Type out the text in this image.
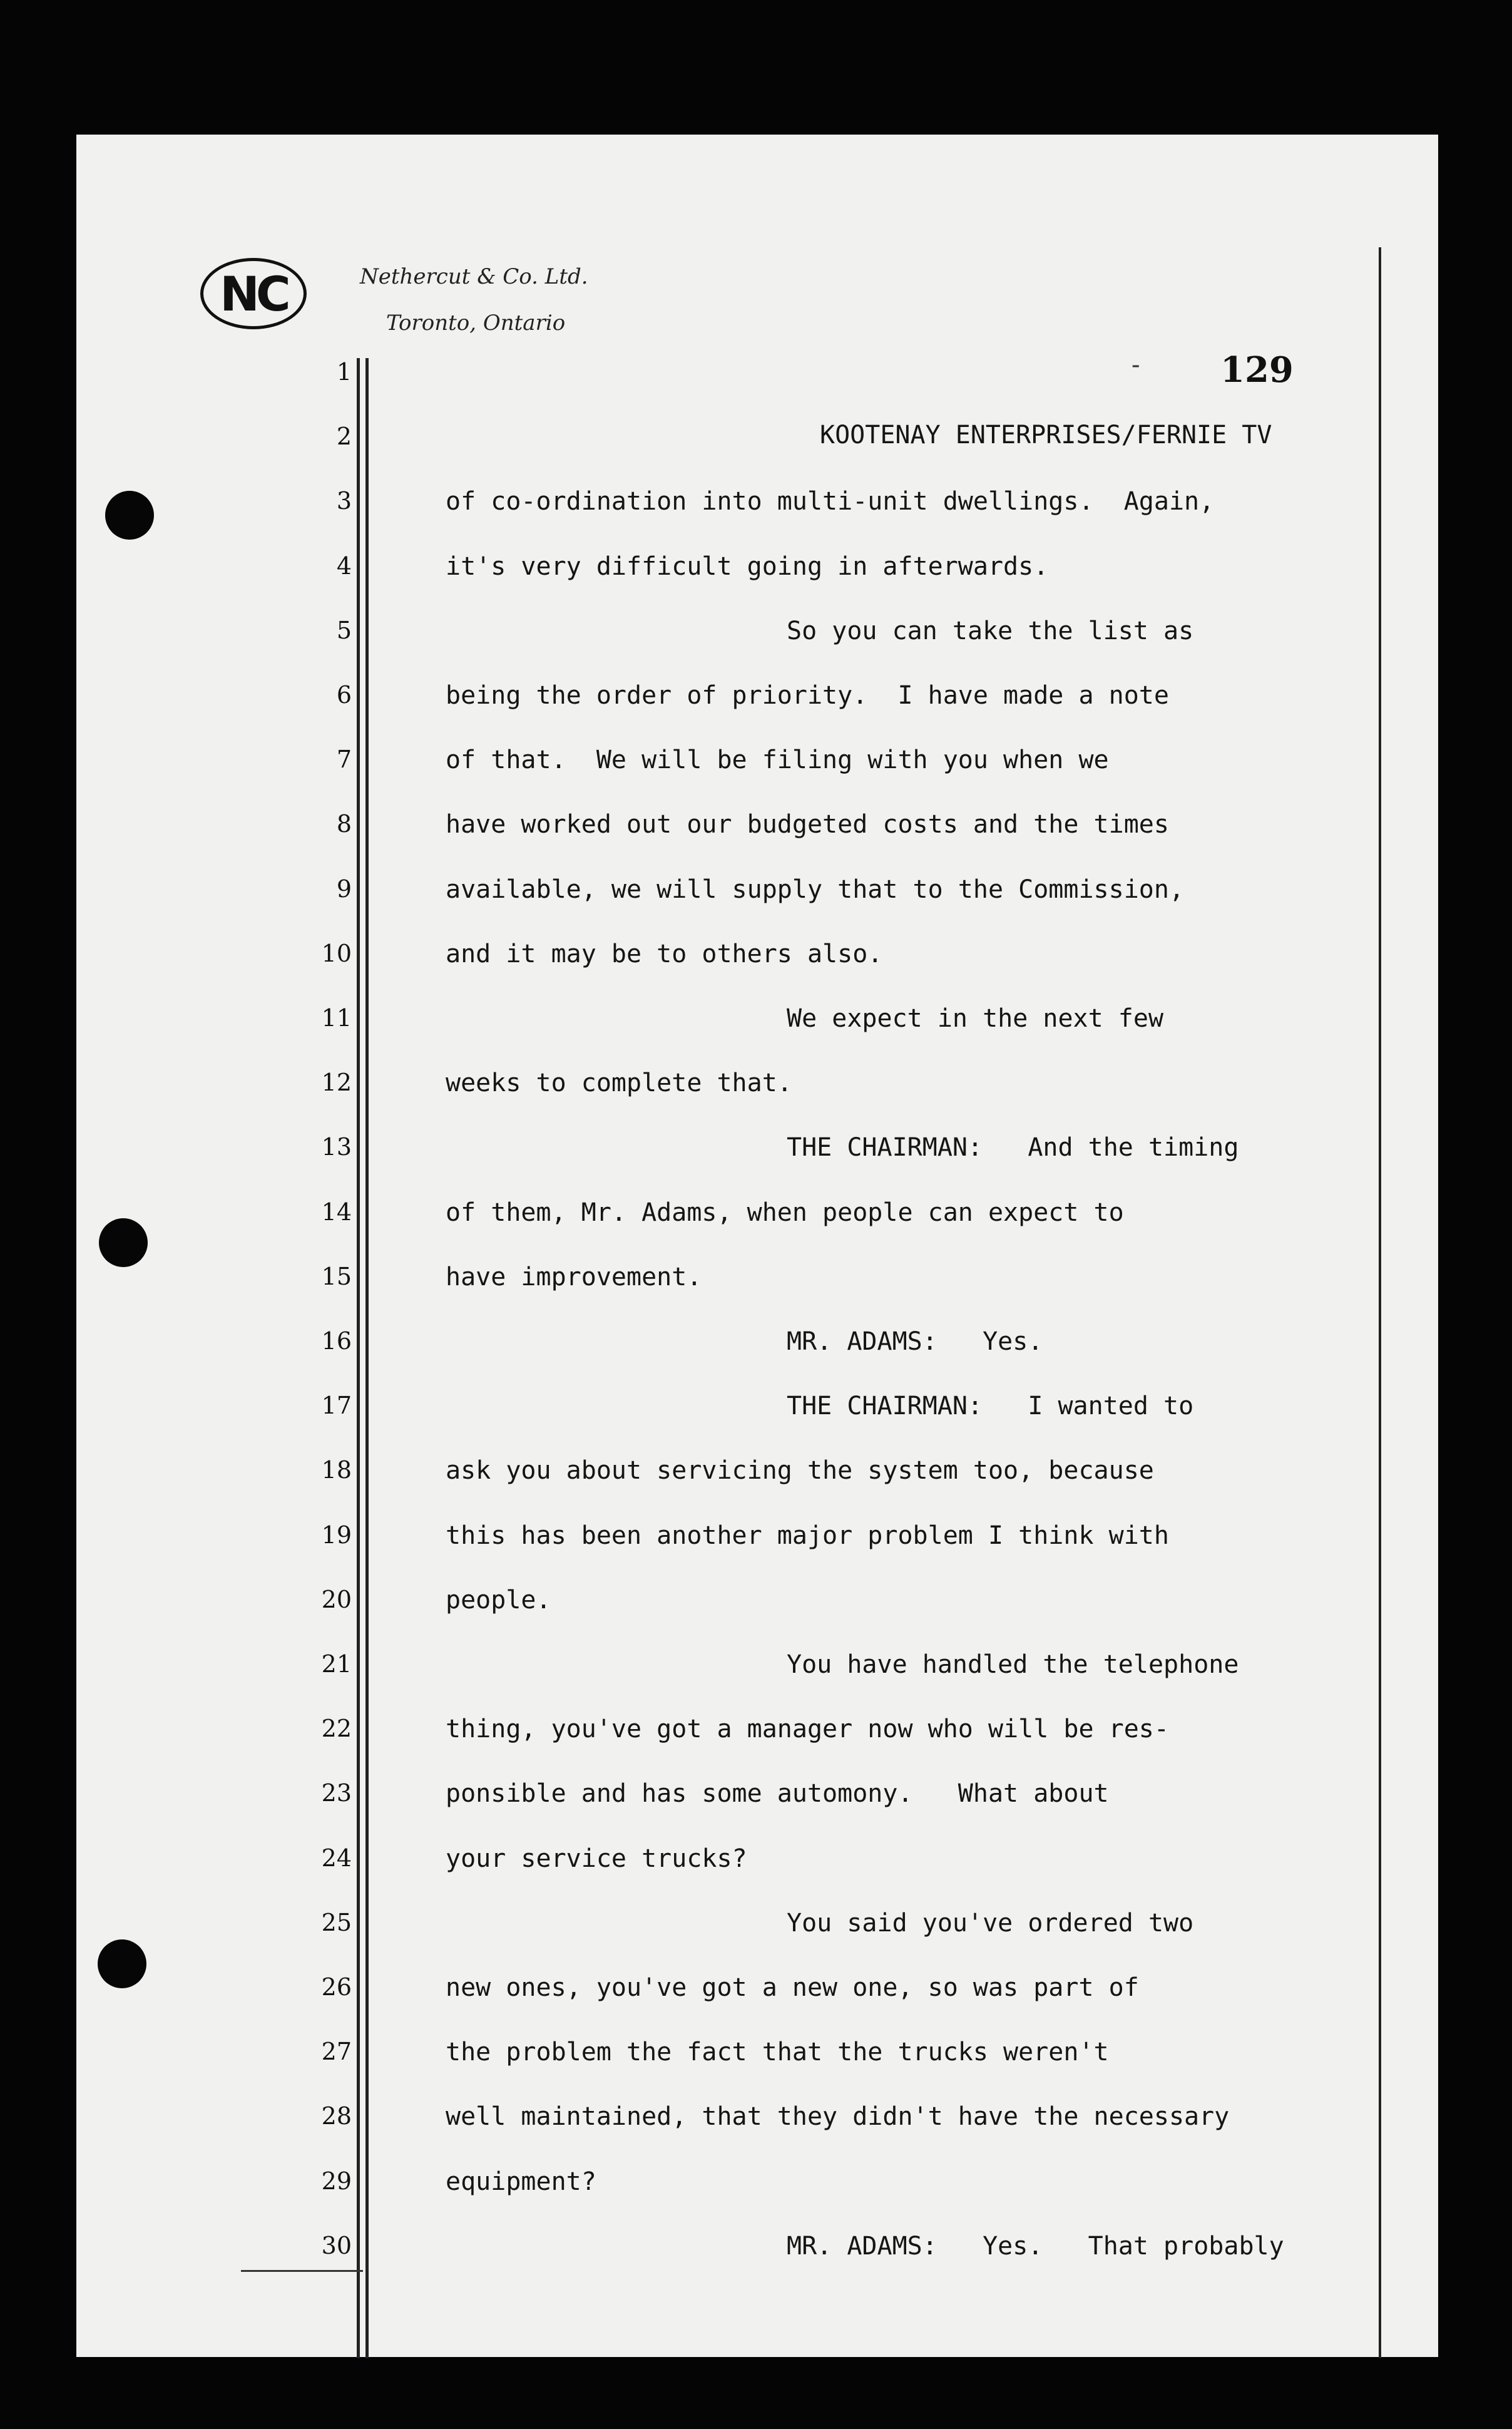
NC	Nethercut & Co. Ltd.
Toronto, Ontario
- 129
1
2
3
4
5
6
7
8
9
10
11
12
13
14
15
16
17
18
19
20
21
22
23
24
25
26
27
28
29
30
KOOTENAY ENTERPRISES/FERNIE TV
of co-ordination into multi-unit dwellings.  Again,
it's very difficult going in afterwards.
So you can take the list as
being the order of priority.  I have made a note
of that.  We will be filing with you when we
have worked out our budgeted costs and the times
available, we will supply that to the Commission,
and it may be to others also.
We expect in the next few
weeks to complete that.
THE CHAIRMAN:   And the timing
of them, Mr. Adams, when people can expect to
have improvement.
MR. ADAMS:   Yes.
THE CHAIRMAN:   I wanted to
ask you about servicing the system too, because
this has been another major problem I think with
people.
You have handled the telephone
thing, you've got a manager now who will be res-
ponsible and has some automony.   What about
your service trucks?
You said you've ordered two
new ones, you've got a new one, so was part of
the problem the fact that the trucks weren't
well maintained, that they didn't have the necessary
equipment?
MR. ADAMS:   Yes.   That probably
